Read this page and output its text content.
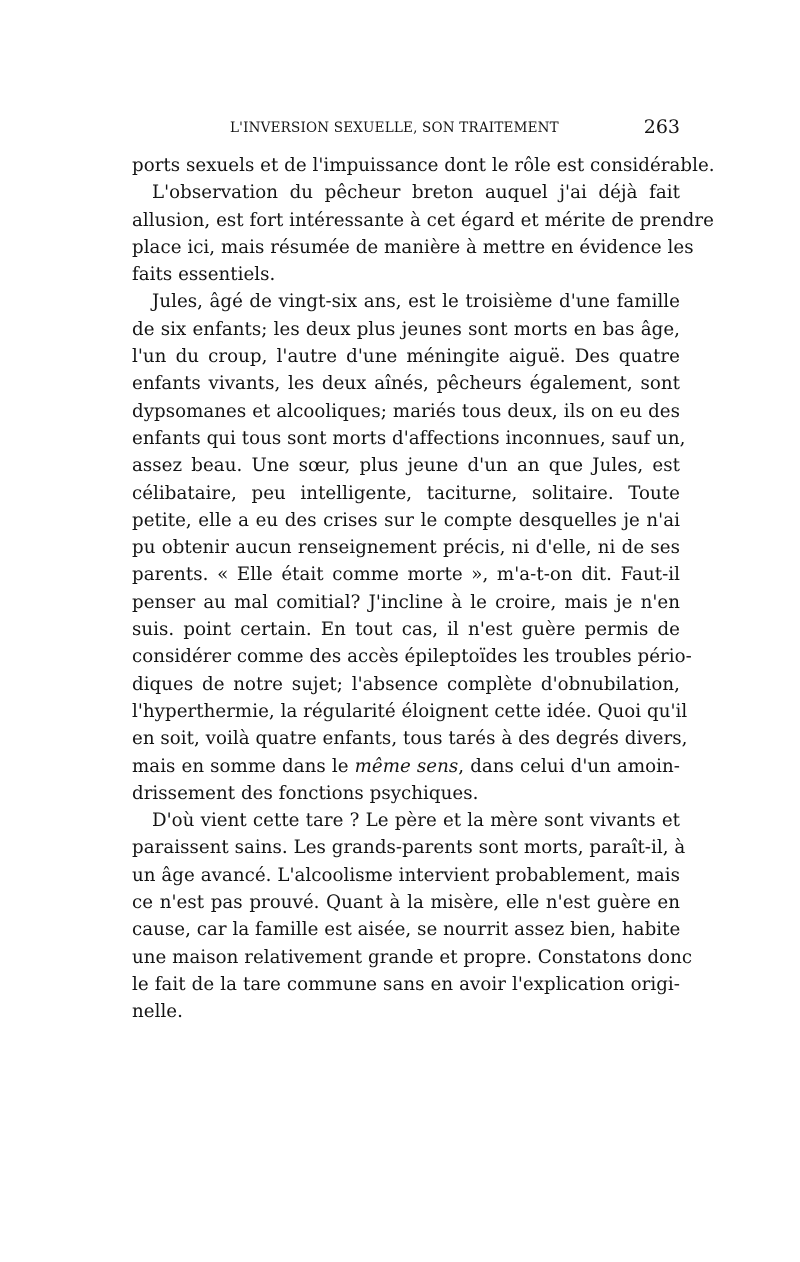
L'INVERSION SEXUELLE, SON TRAITEMENT	263
ports sexuels et de l'impuissance dont le rôle est considérable.
L'observation du pêcheur breton auquel j'ai déjà fait
allusion, est fort intéressante à cet égard et mérite de prendre
place ici, mais résumée de manière à mettre en évidence les
faits essentiels.
Jules, âgé de vingt-six ans, est le troisième d'une famille
de six enfants; les deux plus jeunes sont morts en bas âge,
l'un du croup, l'autre d'une méningite aiguë. Des quatre
enfants vivants, les deux aînés, pêcheurs également, sont
dypsomanes et alcooliques; mariés tous deux, ils on eu des
enfants qui tous sont morts d'affections inconnues, sauf un,
assez beau. Une sœur, plus jeune d'un an que Jules, est
célibataire, peu intelligente, taciturne, solitaire. Toute
petite, elle a eu des crises sur le compte desquelles je n'ai
pu obtenir aucun renseignement précis, ni d'elle, ni de ses
parents. « Elle était comme morte », m'a-t-on dit. Faut-il
penser au mal comitial? J'incline à le croire, mais je n'en
suis. point certain. En tout cas, il n'est guère permis de
considérer comme des accès épileptoïdes les troubles pério-
diques de notre sujet; l'absence complète d'obnubilation,
l'hyperthermie, la régularité éloignent cette idée. Quoi qu'il
en soit, voilà quatre enfants, tous tarés à des degrés divers,
mais en somme dans le même sens, dans celui d'un amoin-
drissement des fonctions psychiques.
D'où vient cette tare ? Le père et la mère sont vivants et
paraissent sains. Les grands-parents sont morts, paraît-il, à
un âge avancé. L'alcoolisme intervient probablement, mais
ce n'est pas prouvé. Quant à la misère, elle n'est guère en
cause, car la famille est aisée, se nourrit assez bien, habite
une maison relativement grande et propre. Constatons donc
le fait de la tare commune sans en avoir l'explication origi-
nelle.
